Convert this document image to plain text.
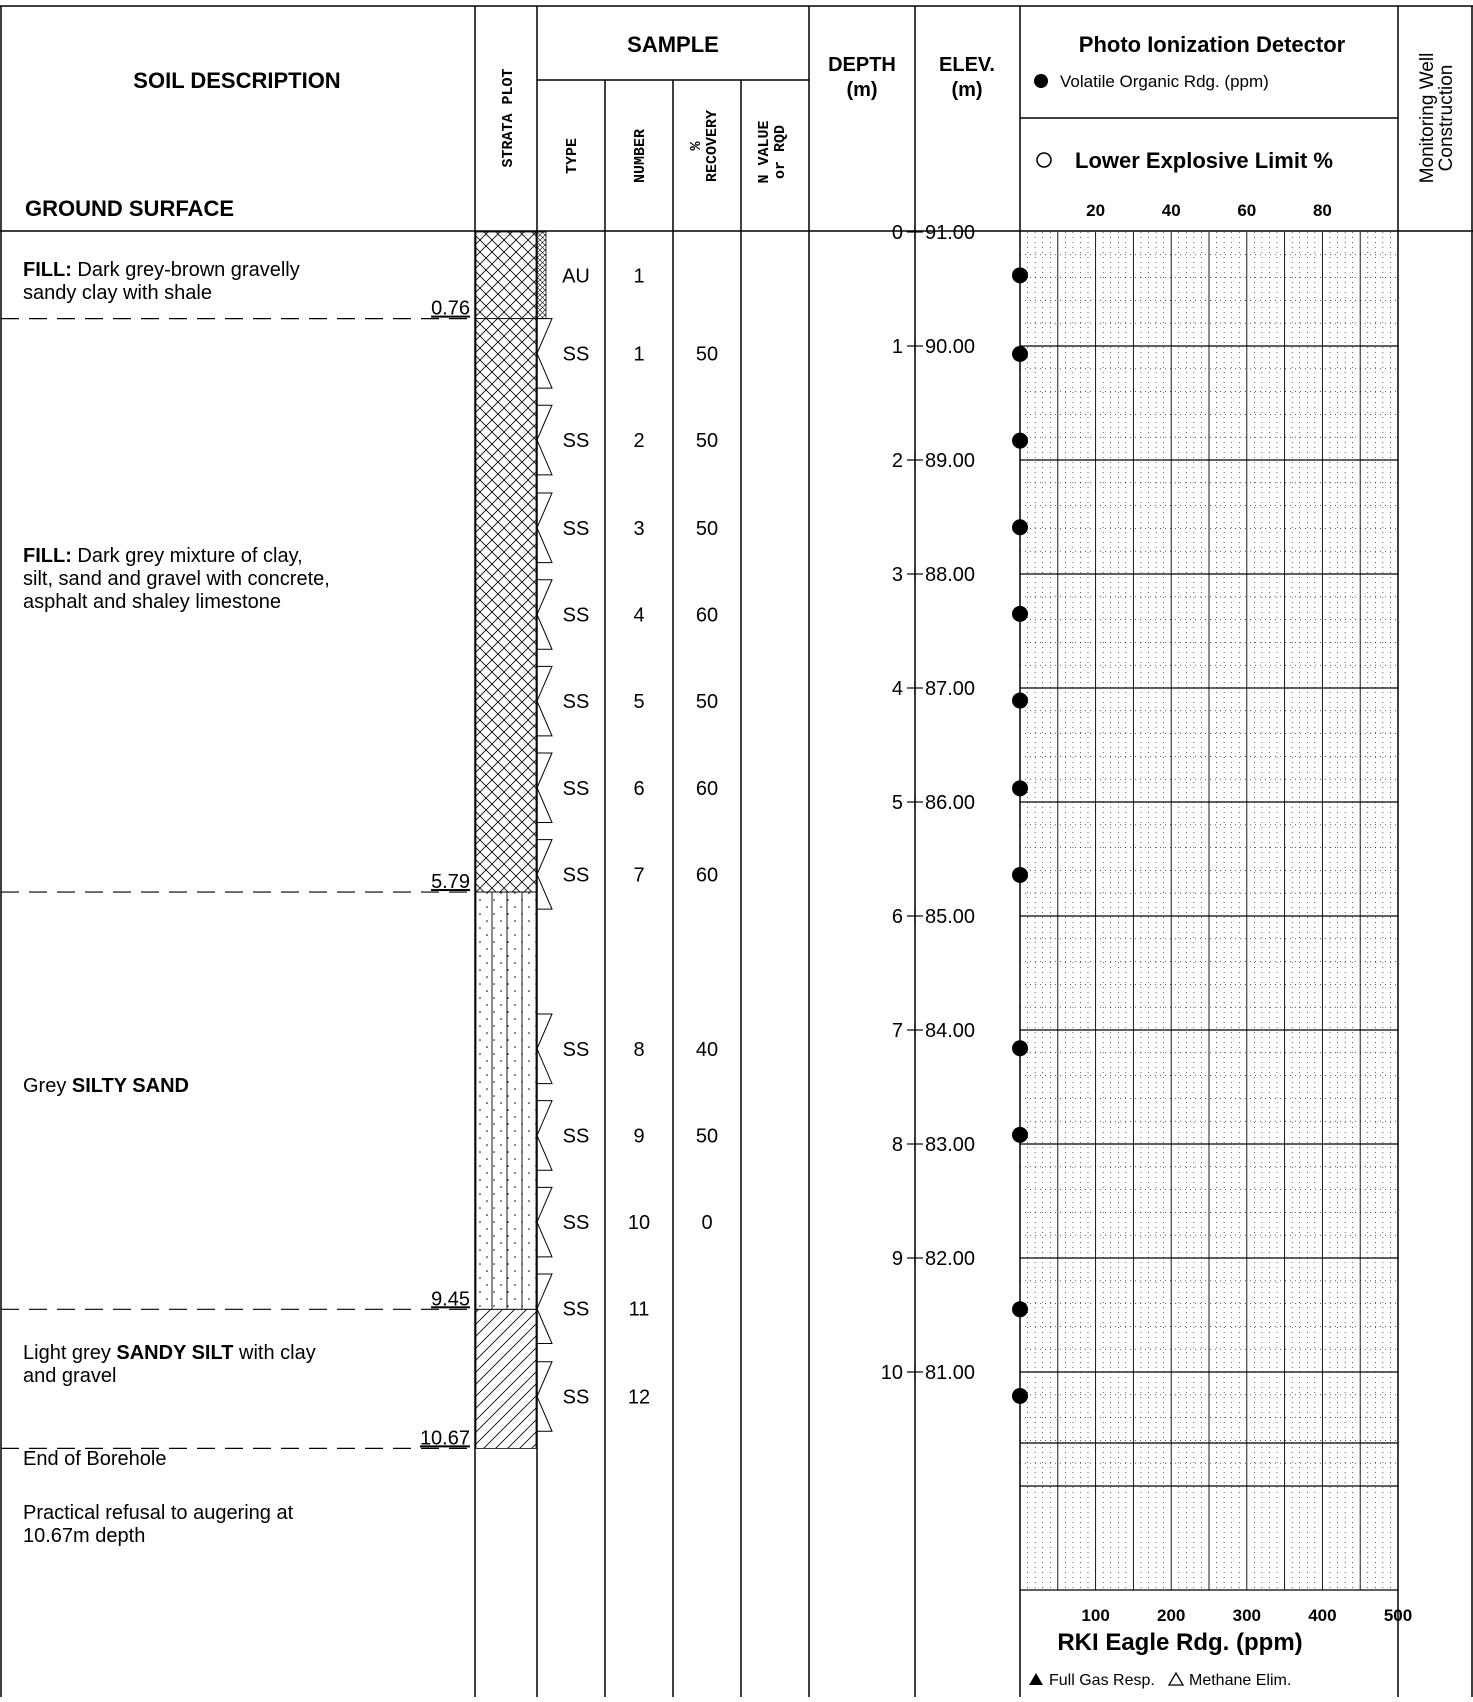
SOIL DESCRIPTION
GROUND SURFACE
STRATA PLOT
SAMPLE
TYPE	NUMBER	% RECOVERY N VALUE or RQD
DEPTH
(m)
ELEV.
(m)
Photo Ionization Detector
Volatile Organic Rdg. (ppm)
Lower Explosive Limit %
20	40	60	80
Monitoring Well
Construction
FILL: Dark grey-brown gravelly
sandy clay with shale
FILL: Dark grey mixture of clay,
silt, sand and gravel with concrete,
asphalt and shaley limestone
Grey SILTY SAND
Light grey SANDY SILT with clay
and gravel
End of Borehole
Practical refusal to augering at
10.67m depth
0.76
5.79
9.45
10.67
AU 1
SS 1	50
SS 2	50
SS 3	50
SS 4	60
SS 5	50
SS 6	60
SS 7	60
SS 8	40
SS 9	50
SS 10	0
SS 11
SS 12
0 91.00
1 90.00
2 89.00
3 88.00
4 87.00
5 86.00
6 85.00
7 84.00
8 83.00
9 82.00
10 81.00
100	200	300	400	500
RKI Eagle Rdg. (ppm)
Full Gas Resp. Methane Elim.
